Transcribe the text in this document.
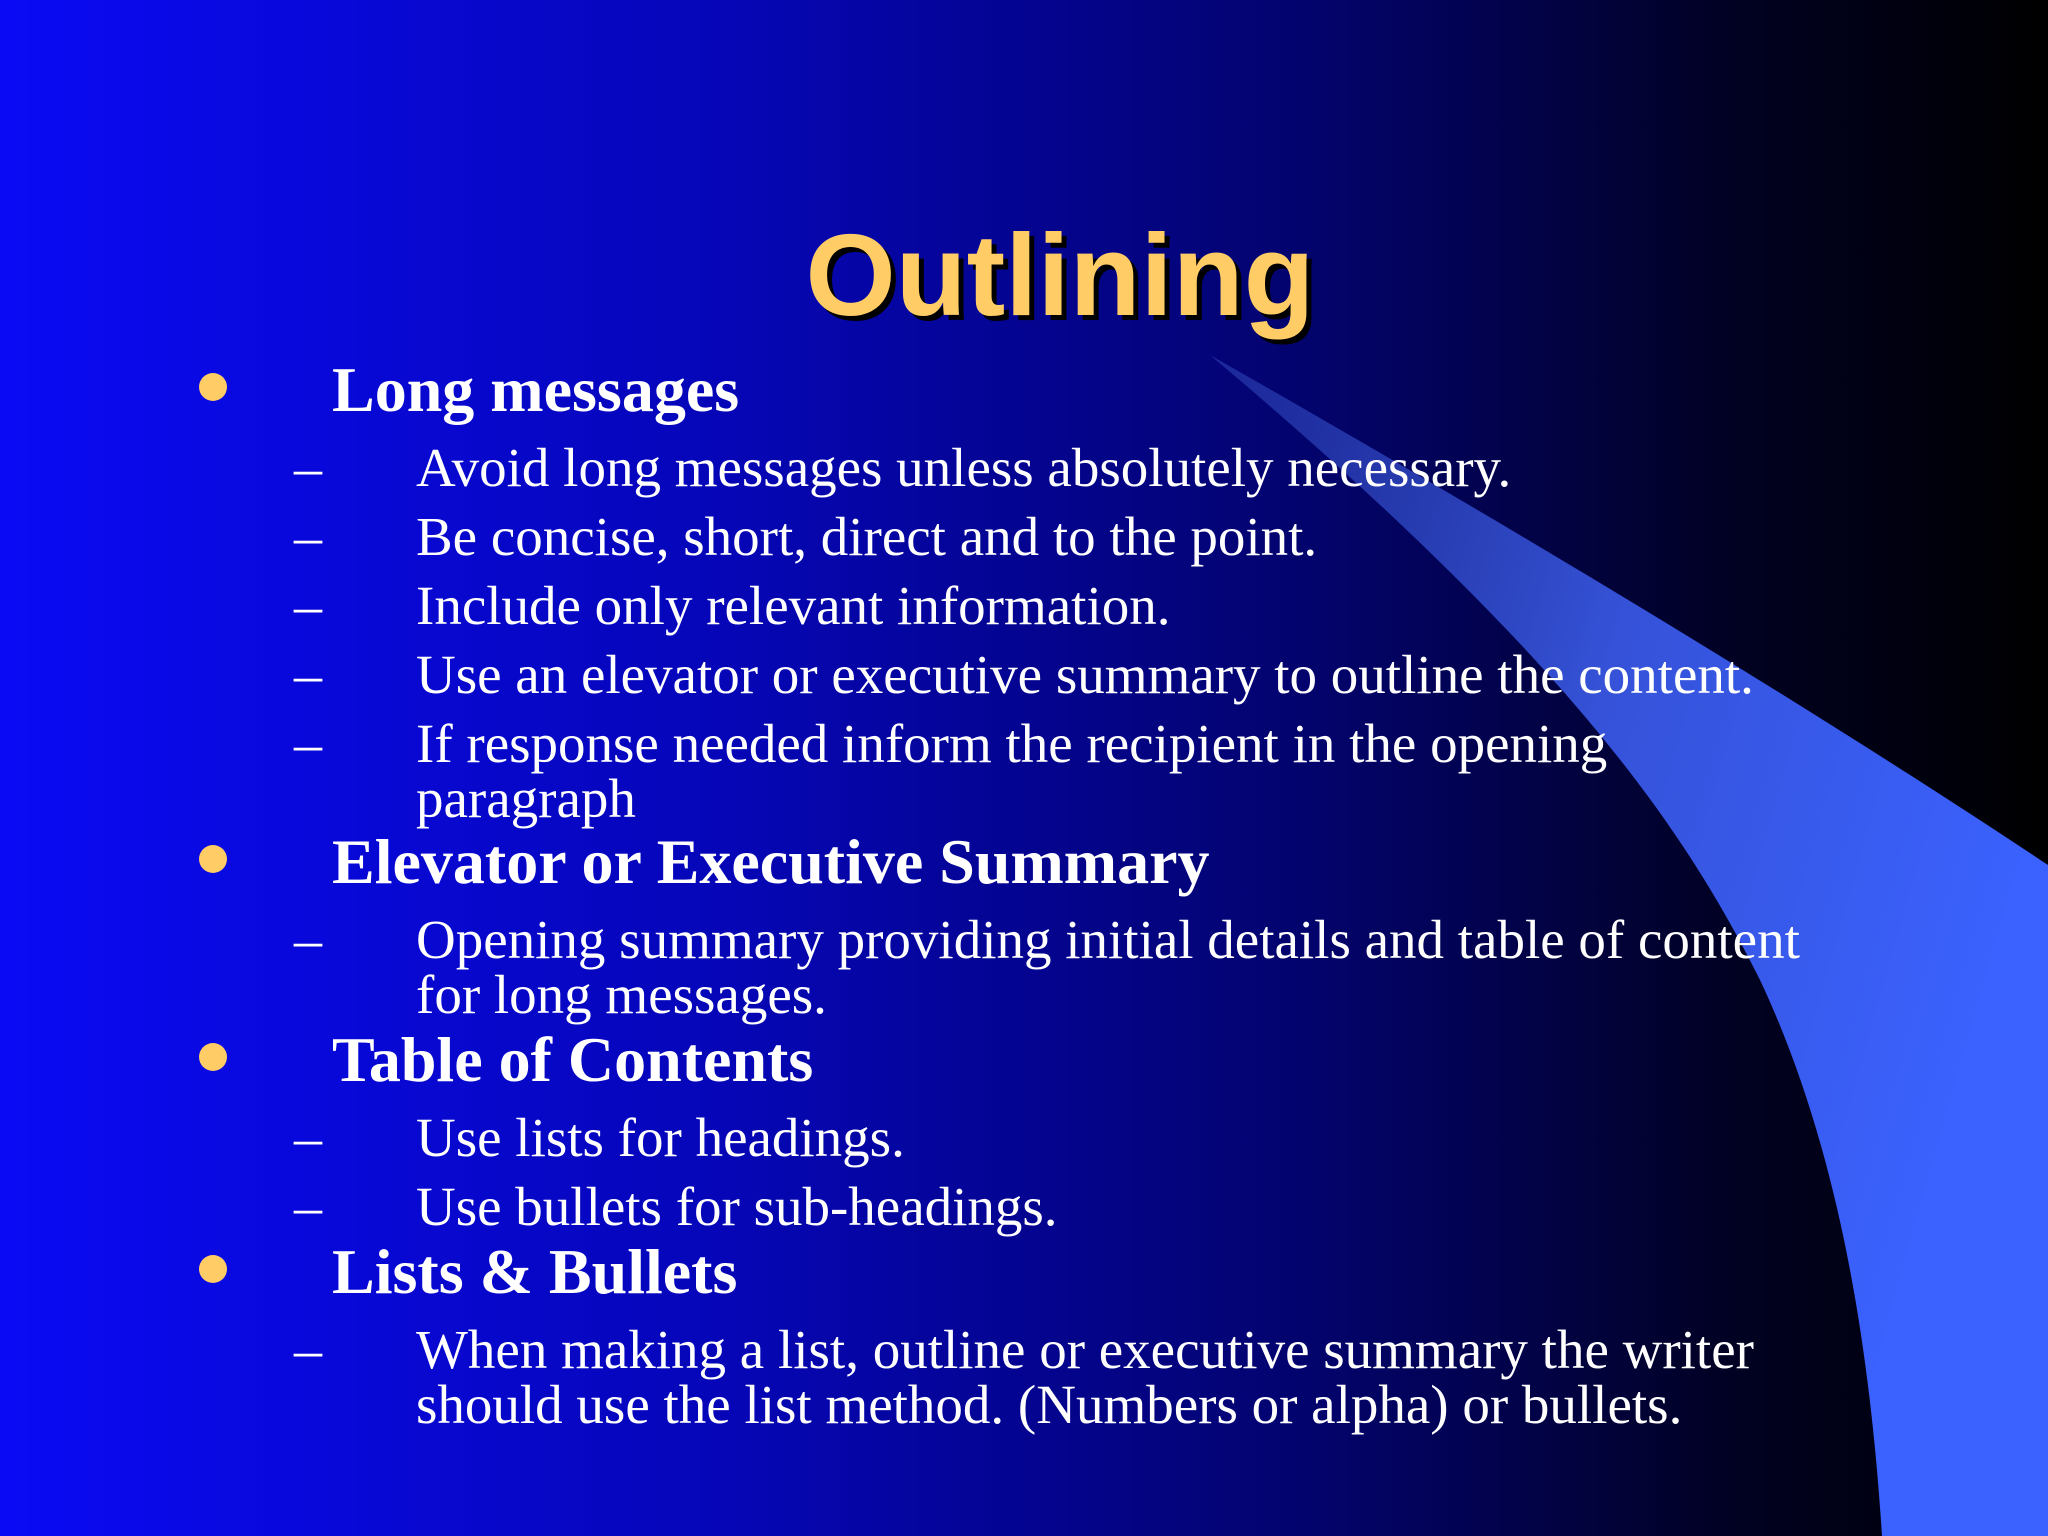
Outlining
Long messages
– Avoid long messages unless absolutely necessary.
– Be concise, short, direct and to the point.
– Include only relevant information.
– Use an elevator or executive summary to outline the content.
– If response needed inform the recipient in the opening
paragraph
Elevator or Executive Summary
– Opening summary providing initial details and table of content
for long messages.
Table of Contents
– Use lists for headings.
– Use bullets for sub-headings.
Lists & Bullets
– When making a list, outline or executive summary the writer
should use the list method. (Numbers or alpha) or bullets.
